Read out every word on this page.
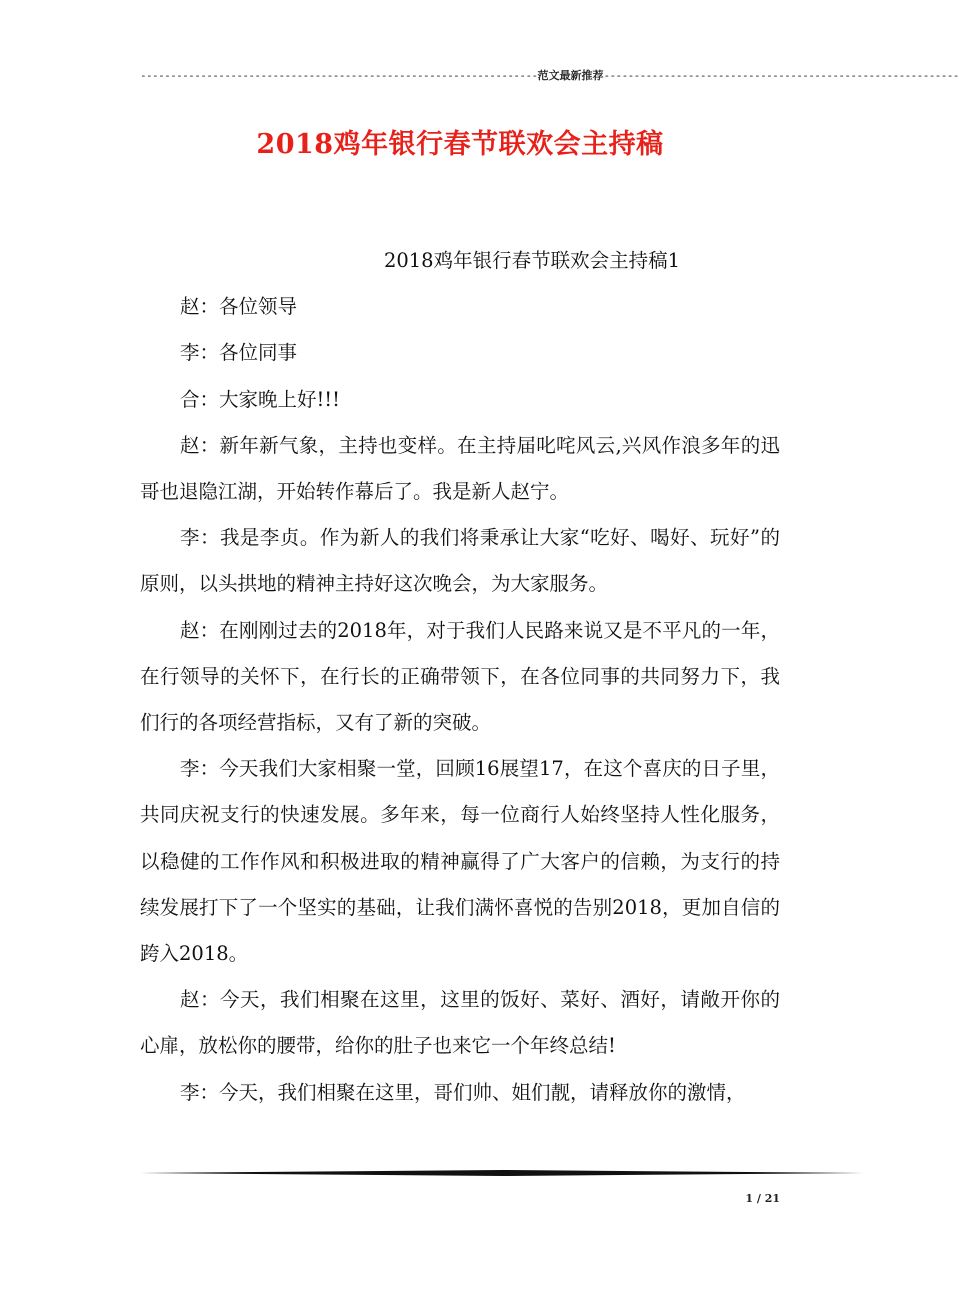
------------------------------------------------------------------范文最新推荐-----------------------------------------------------------
2018鸡年银行春节联欢会主持稿

2018鸡年银行春节联欢会主持稿1

赵：各位领导

李：各位同事

合：大家晚上好!!!

赵：新年新气象，主持也变样。在主持届叱咤风云,兴风作浪多年的迅哥也退隐江湖，开始转作幕后了。我是新人赵宁。

李：我是李贞。作为新人的我们将秉承让大家“吃好、喝好、玩好”的原则，以头拱地的精神主持好这次晚会，为大家服务。

赵：在刚刚过去的2018年，对于我们人民路来说又是不平凡的一年，在行领导的关怀下，在行长的正确带领下，在各位同事的共同努力下，我们行的各项经营指标，又有了新的突破。

李：今天我们大家相聚一堂，回顾16展望17，在这个喜庆的日子里，共同庆祝支行的快速发展。多年来，每一位商行人始终坚持人性化服务，以稳健的工作作风和积极进取的精神赢得了广大客户的信赖，为支行的持续发展打下了一个坚实的基础，让我们满怀喜悦的告别2018，更加自信的跨入2018。

赵：今天，我们相聚在这里，这里的饭好、菜好、酒好，请敞开你的心扉，放松你的腰带，给你的肚子也来它一个年终总结!

李：今天，我们相聚在这里，哥们帅、姐们靓，请释放你的激情，

1 / 21
